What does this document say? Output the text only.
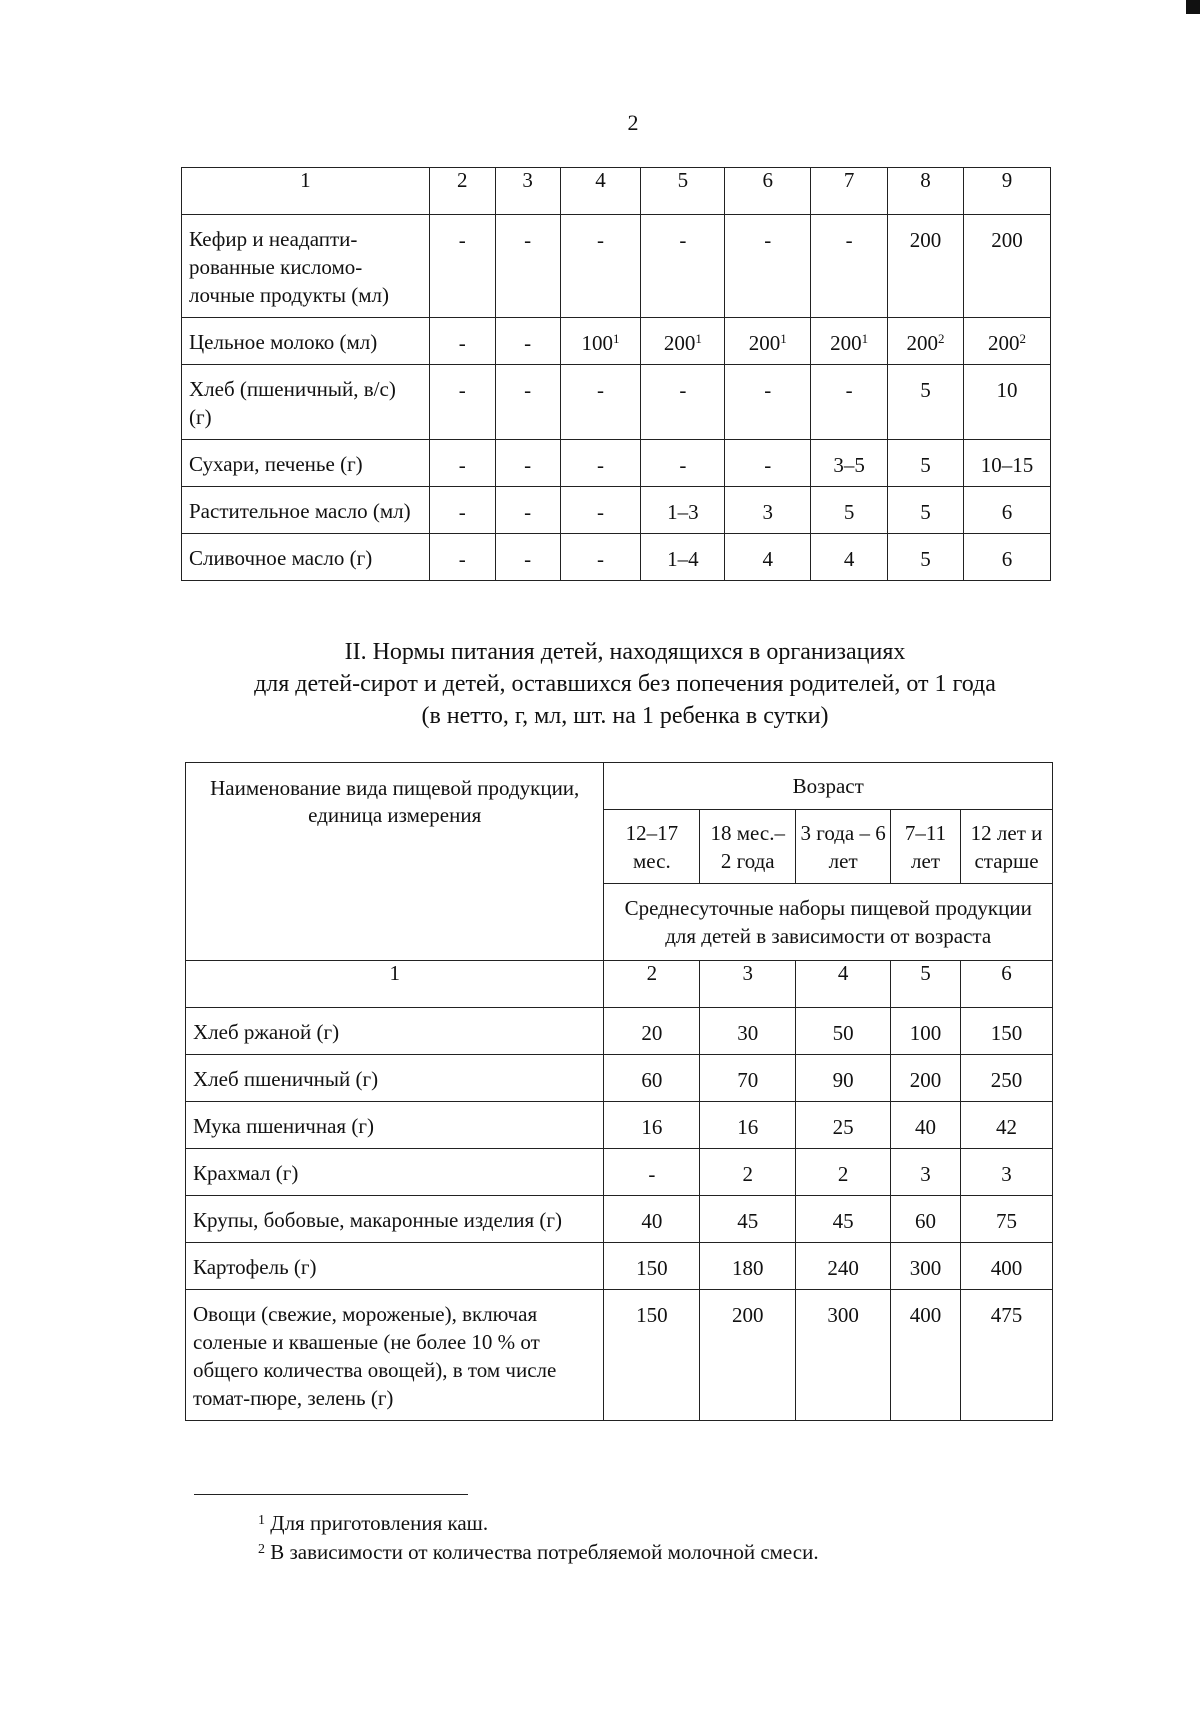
2
1	2	3	4	5	6	7	8	9
Кефир и неадапти-рованные кисломо-лочные продукты (мл)	-	-	-	-	-	-	200	200
Цельное молоко (мл)	-	-	$100^1$	$200^1$	$200^1$	$200^1$	$200^2$	$200^2$
Хлеб (пшеничный, в/с) (г)	-	-	-	-	-	-	5	10
Сухари, печенье (г)	-	-	-	-	-	3–5	5	10–15
Растительное масло (мл)	-	-	-	1–3	3	5	5	6
Сливочное масло (г)	-	-	-	1–4	4	4	5	6
II. Нормы питания детей, находящихся в организациях
для детей-сирот и детей, оставшихся без попечения родителей, от 1 года
(в нетто, г, мл, шт. на 1 ребенка в сутки)
Наименование вида пищевой продукции, единица измерения	Возраст				
	12–17 мес.	18 мес.– 2 года	3 года – 6 лет	7–11 лет	12 лет и старше
	Среднесуточные наборы пищевой продукции для детей в зависимости от возраста				
1	2	3	4	5	6
Хлеб ржаной (г)	20	30	50	100	150
Хлеб пшеничный (г)	60	70	90	200	250
Мука пшеничная (г)	16	16	25	40	42
Крахмал (г)	-	2	2	3	3
Крупы, бобовые, макаронные изделия (г)	40	45	45	60	75
Картофель (г)	150	180	240	300	400
Овощи (свежие, мороженые), включая соленые и квашеные (не более 10 % от общего количества овощей), в том числе томат-пюре, зелень (г)	150	200	300	400	475
$^1$ Для приготовления каш.
$^2$ В зависимости от количества потребляемой молочной смеси.
